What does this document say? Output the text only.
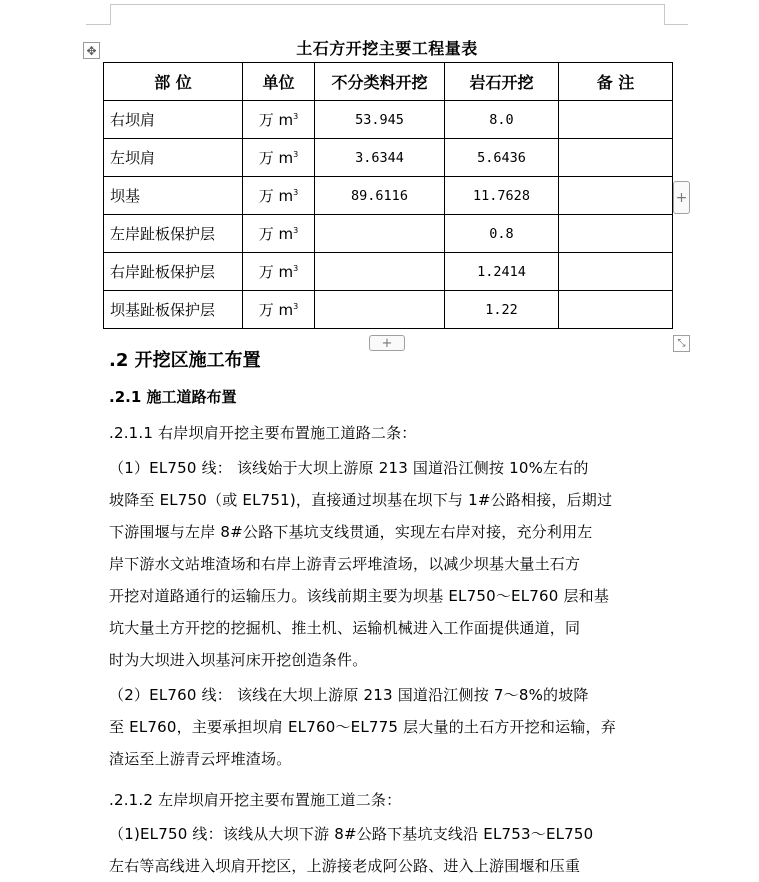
✥	土石方开挖主要工程量表
部 位	单位	不分类料开挖	岩石开挖	备 注
右坝肩	万 $m^3$	53.945	8.0	
左坝肩	万 $m^3$	3.6344	5.6436	
坝基	万 $m^3$	89.6116	11.7628	
左岸趾板保护层	万 $m^3$		0.8	
右岸趾板保护层	万 $m^3$		1.2414	
坝基趾板保护层	万 $m^3$		1.22	
+
+	⤡
.2 开挖区施工布置
.2.1 施工道路布置
.2.1.1 右岸坝肩开挖主要布置施工道路二条：
（1）EL750 线： 该线始于大坝上游原 213 国道沿江侧按 10%左右的
坡降至 EL750（或 EL751)，直接通过坝基在坝下与 1#公路相接，后期过
下游围堰与左岸 8#公路下基坑支线贯通，实现左右岸对接，充分利用左
岸下游水文站堆渣场和右岸上游青云坪堆渣场，以减少坝基大量土石方
开挖对道路通行的运输压力。该线前期主要为坝基 EL750～EL760 层和基
坑大量土方开挖的挖掘机、推土机、运输机械进入工作面提供通道，同
时为大坝进入坝基河床开挖创造条件。
（2）EL760 线： 该线在大坝上游原 213 国道沿江侧按 7～8%的坡降
至 EL760，主要承担坝肩 EL760～EL775 层大量的土石方开挖和运输，弃
渣运至上游青云坪堆渣场。
.2.1.2 左岸坝肩开挖主要布置施工道二条：
（1)EL750 线：该线从大坝下游 8#公路下基坑支线沿 EL753～EL750
左右等高线进入坝肩开挖区，上游接老成阿公路、进入上游围堰和压重
